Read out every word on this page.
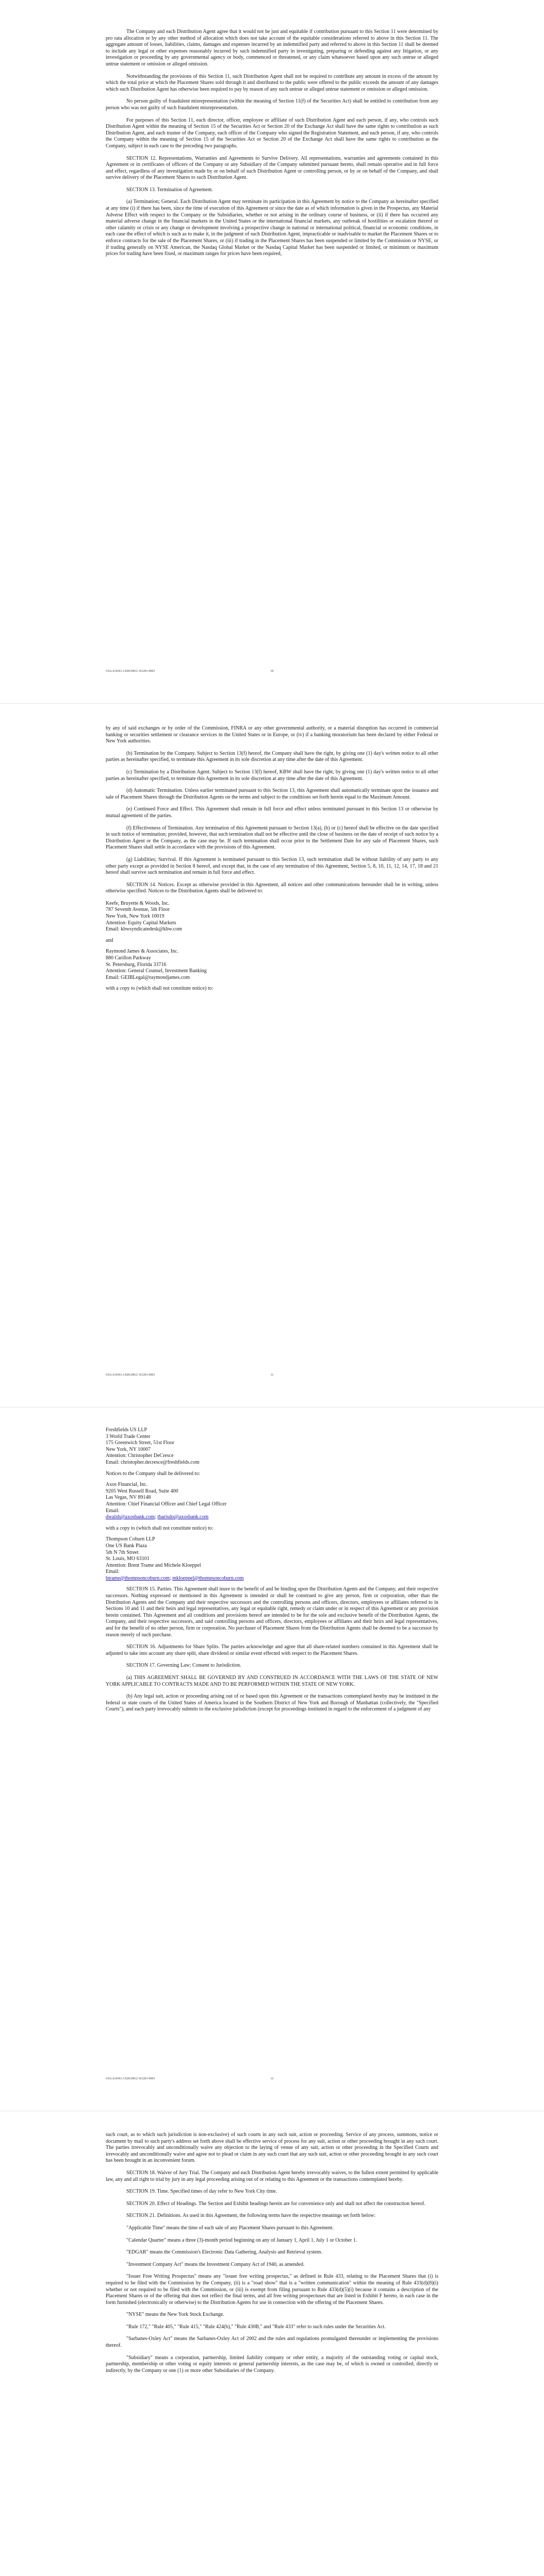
The Company and each Distribution Agent agree that it would not be just and equitable if contribution pursuant to this Section 11 were determined by pro rata allocation or by any other method of allocation which does not take account of the equitable considerations referred to above in this Section 11. The aggregate amount of losses, liabilities, claims, damages and expenses incurred by an indemnified party and referred to above in this Section 11 shall be deemed to include any legal or other expenses reasonably incurred by such indemnified party in investigating, preparing or defending against any litigation, or any investigation or proceeding by any governmental agency or body, commenced or threatened, or any claim whatsoever based upon any such untrue or alleged untrue statement or omission or alleged omission.

Notwithstanding the provisions of this Section 11, such Distribution Agent shall not be required to contribute any amount in excess of the amount by which the total price at which the Placement Shares sold through it and distributed to the public were offered to the public exceeds the amount of any damages which such Distribution Agent has otherwise been required to pay by reason of any such untrue or alleged untrue statement or omission or alleged omission.

No person guilty of fraudulent misrepresentation (within the meaning of Section 11(f) of the Securities Act) shall be entitled to contribution from any person who was not guilty of such fraudulent misrepresentation.

For purposes of this Section 11, each director, officer, employee or affiliate of such Distribution Agent and each person, if any, who controls such Distribution Agent within the meaning of Section 15 of the Securities Act or Section 20 of the Exchange Act shall have the same rights to contribution as such Distribution Agent, and each trustee of the Company, each officer of the Company who signed the Registration Statement, and each person, if any, who controls the Company within the meaning of Section 15 of the Securities Act or Section 20 of the Exchange Act shall have the same rights to contribution as the Company, subject in each case to the preceding two paragraphs.

SECTION 12. Representations, Warranties and Agreements to Survive Delivery. All representations, warranties and agreements contained in this Agreement or in certificates of officers of the Company or any Subsidiary of the Company submitted pursuant hereto, shall remain operative and in full force and effect, regardless of any investigation made by or on behalf of such Distribution Agent or controlling person, or by or on behalf of the Company, and shall survive delivery of the Placement Shares to such Distribution Agent.

SECTION 13. Termination of Agreement.

(a) Termination; General. Each Distribution Agent may terminate its participation in this Agreement by notice to the Company as hereinafter specified at any time (i) if there has been, since the time of execution of this Agreement or since the date as of which information is given in the Prospectus, any Material Adverse Effect with respect to the Company or the Subsidiaries, whether or not arising in the ordinary course of business, or (ii) if there has occurred any material adverse change in the financial markets in the United States or the international financial markets, any outbreak of hostilities or escalation thereof or other calamity or crisis or any change or development involving a prospective change in national or international political, financial or economic conditions, in each case the effect of which is such as to make it, in the judgment of such Distribution Agent, impracticable or inadvisable to market the Placement Shares or to enforce contracts for the sale of the Placement Shares, or (iii) if trading in the Placement Shares has been suspended or limited by the Commission or NYSE, or if trading generally on NYSE American, the Nasdaq Global Market or the Nasdaq Capital Market has been suspended or limited, or minimum or maximum prices for trading have been fixed, or maximum ranges for prices have been required,

USA.614361.1/020/290/2 161201-0001	10

by any of said exchanges or by order of the Commission, FINRA or any other governmental authority, or a material disruption has occurred in commercial banking or securities settlement or clearance services in the United States or in Europe, or (iv) if a banking moratorium has been declared by either Federal or New York authorities.

(b) Termination by the Company. Subject to Section 13(f) hereof, the Company shall have the right, by giving one (1) day's written notice to all other parties as hereinafter specified, to terminate this Agreement in its sole discretion at any time after the date of this Agreement.

(c) Termination by a Distribution Agent. Subject to Section 13(f) hereof, KBW shall have the right, by giving one (1) day's written notice to all other parties as hereinafter specified, to terminate this Agreement in its sole discretion at any time after the date of this Agreement.

(d) Automatic Termination. Unless earlier terminated pursuant to this Section 13, this Agreement shall automatically terminate upon the issuance and sale of Placement Shares through the Distribution Agents on the terms and subject to the conditions set forth herein equal to the Maximum Amount.

(e) Continued Force and Effect. This Agreement shall remain in full force and effect unless terminated pursuant to this Section 13 or otherwise by mutual agreement of the parties.

(f) Effectiveness of Termination. Any termination of this Agreement pursuant to Section 13(a), (b) or (c) hereof shall be effective on the date specified in such notice of termination; provided, however, that such termination shall not be effective until the close of business on the date of receipt of such notice by a Distribution Agent or the Company, as the case may be. If such termination shall occur prior to the Settlement Date for any sale of Placement Shares, such Placement Shares shall settle in accordance with the provisions of this Agreement.

(g) Liabilities; Survival. If this Agreement is terminated pursuant to this Section 13, such termination shall be without liability of any party to any other party except as provided in Section 8 hereof, and except that, in the case of any termination of this Agreement, Section 5, 8, 10, 11, 12, 14, 17, 18 and 21 hereof shall survive such termination and remain in full force and effect.

SECTION 14. Notices. Except as otherwise provided in this Agreement, all notices and other communications hereunder shall be in writing, unless otherwise specified. Notices to the Distribution Agents shall be delivered to:

Keefe, Bruyette & Woods, Inc.
787 Seventh Avenue, 5th Floor
New York, New York 10019
Attention: Equity Capital Markets
Email: kbwsyndicatedesk@kbw.com
and
Raymond James & Associates, Inc.
880 Carillon Parkway
St. Petersburg, Florida 33716
Attention: General Counsel, Investment Banking
Email: GEIBLegal@raymondjames.com
with a copy to (which shall not constitute notice) to:
USA.614361.1/020/290/2 161201-0001	11
Freshfields US LLP
3 World Trade Center
175 Greenwich Street, 51st Floor
New York, NY 10007
Attention: Christopher DeCresce
Email: christopher.decresce@freshfields.com
Notices to the Company shall be delivered to:
Axos Financial, Inc.
9205 West Russell Road, Suite 400
Las Vegas, NV 89148
Attention: Chief Financial Officer and Chief Legal Officer
Email:
dwalsh@axosbank.com; tbarisdo@axosbank.com
with a copy to (which shall not constitute notice) to:
Thompson Coburn LLP
One US Bank Plaza
5th N 7th Street
St. Louis, MO 63101
Attention: Brent Trame and Michele Kloeppel
Email:
btrame@thompsoncoburn.com; mkloeppel@thompsoncoburn.com

SECTION 15. Parties. This Agreement shall inure to the benefit of and be binding upon the Distribution Agents and the Company, and their respective successors. Nothing expressed or mentioned in this Agreement is intended or shall be construed to give any person, firm or corporation, other than the Distribution Agents and the Company and their respective successors and the controlling persons and officers, directors, employees or affiliates referred to in Sections 10 and 11 and their heirs and legal representatives, any legal or equitable right, remedy or claim under or in respect of this Agreement or any provision herein contained. This Agreement and all conditions and provisions hereof are intended to be for the sole and exclusive benefit of the Distribution Agents, the Company, and their respective successors, and said controlling persons and officers, directors, employees or affiliates and their heirs and legal representatives, and for the benefit of no other person, firm or corporation. No purchaser of Placement Shares from the Distribution Agents shall be deemed to be a successor by reason merely of such purchase.

SECTION 16. Adjustments for Share Splits. The parties acknowledge and agree that all share-related numbers contained in this Agreement shall be adjusted to take into account any share split, share dividend or similar event effected with respect to the Placement Shares.

SECTION 17. Governing Law; Consent to Jurisdiction.

(a) THIS AGREEMENT SHALL BE GOVERNED BY AND CONSTRUED IN ACCORDANCE WITH THE LAWS OF THE STATE OF NEW YORK APPLICABLE TO CONTRACTS MADE AND TO BE PERFORMED WITHIN THE STATE OF NEW YORK.

(b) Any legal suit, action or proceeding arising out of or based upon this Agreement or the transactions contemplated hereby may be instituted in the federal or state courts of the United States of America located in the Southern District of New York and Borough of Manhattan (collectively, the "Specified Courts"), and each party irrevocably submits to the exclusive jurisdiction (except for proceedings instituted in regard to the enforcement of a judgment of any

USA.614361.1/020/290/2 161201-0001	12

such court, as to which such jurisdiction is non-exclusive) of such courts in any such suit, action or proceeding. Service of any process, summons, notice or document by mail to such party's address set forth above shall be effective service of process for any suit, action or other proceeding brought in any such court. The parties irrevocably and unconditionally waive any objection to the laying of venue of any suit, action or other proceeding in the Specified Courts and irrevocably and unconditionally waive and agree not to plead or claim in any such court that any such suit, action or other proceeding brought in any such court has been brought in an inconvenient forum.

SECTION 18. Waiver of Jury Trial. The Company and each Distribution Agent hereby irrevocably waives, to the fullest extent permitted by applicable law, any and all right to trial by jury in any legal proceeding arising out of or relating to this Agreement or the transactions contemplated hereby.

SECTION 19. Time. Specified times of day refer to New York City time.

SECTION 20. Effect of Headings. The Section and Exhibit headings herein are for convenience only and shall not affect the construction hereof.

SECTION 21. Definitions. As used in this Agreement, the following terms have the respective meanings set forth below:

"Applicable Time" means the time of each sale of any Placement Shares pursuant to this Agreement.

"Calendar Quarter" means a three (3)-month period beginning on any of January 1, April 1, July 1 or October 1.

"EDGAR" means the Commission's Electronic Data Gathering, Analysis and Retrieval system.

"Investment Company Act" means the Investment Company Act of 1940, as amended.

"Issuer Free Writing Prospectus" means any "issuer free writing prospectus," as defined in Rule 433, relating to the Placement Shares that (i) is required to be filed with the Commission by the Company, (ii) is a "road show" that is a "written communication" within the meaning of Rule 433(d)(8)(i) whether or not required to be filed with the Commission, or (iii) is exempt from filing pursuant to Rule 433(d)(5)(i) because it contains a description of the Placement Shares or of the offering that does not reflect the final terms, and all free writing prospectuses that are listed in Exhibit F hereto, in each case in the form furnished (electronically or otherwise) to the Distribution Agents for use in connection with the offering of the Placement Shares.

"NYSE" means the New York Stock Exchange.

"Rule 172," "Rule 405," "Rule 415," "Rule 424(b)," "Rule 430B," and "Rule 433" refer to such rules under the Securities Act.

"Sarbanes-Oxley Act" means the Sarbanes-Oxley Act of 2002 and the rules and regulations promulgated thereunder or implementing the provisions thereof.

"Subsidiary" means a corporation, partnership, limited liability company or other entity, a majority of the outstanding voting or capital stock, partnership, membership or other voting or equity interests or general partnership interests, as the case may be, of which is owned or controlled, directly or indirectly, by the Company or one (1) or more other Subsidiaries of the Company.
